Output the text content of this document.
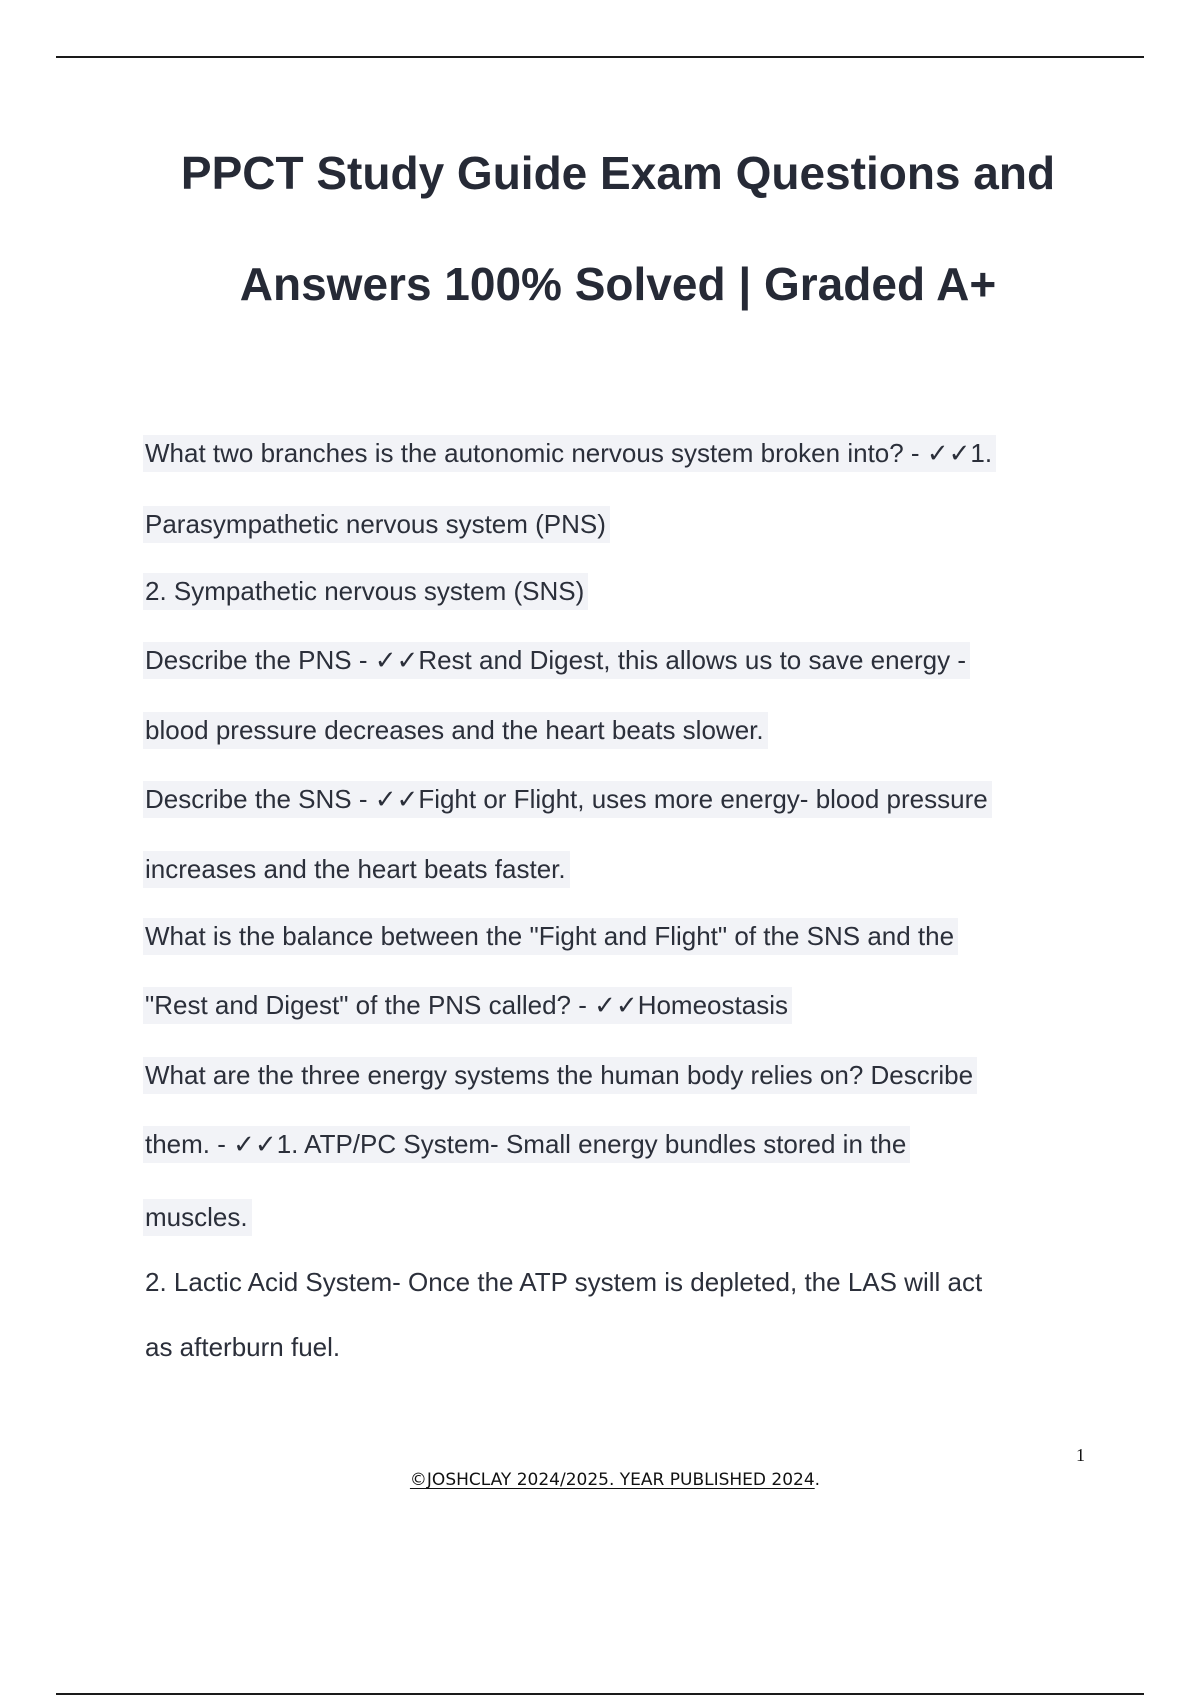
PPCT Study Guide Exam Questions and
Answers 100% Solved | Graded A+
What two branches is the autonomic nervous system broken into? - ✓✓1.
Parasympathetic nervous system (PNS)
2. Sympathetic nervous system (SNS)
Describe the PNS - ✓✓Rest and Digest, this allows us to save energy -
blood pressure decreases and the heart beats slower.
Describe the SNS - ✓✓Fight or Flight, uses more energy- blood pressure
increases and the heart beats faster.
What is the balance between the "Fight and Flight" of the SNS and the
"Rest and Digest" of the PNS called? - ✓✓Homeostasis
What are the three energy systems the human body relies on? Describe
them. - ✓✓1. ATP/PC System- Small energy bundles stored in the
muscles.
2. Lactic Acid System- Once the ATP system is depleted, the LAS will act
as afterburn fuel.
1
©JOSHCLAY 2024/2025. YEAR PUBLISHED 2024.
